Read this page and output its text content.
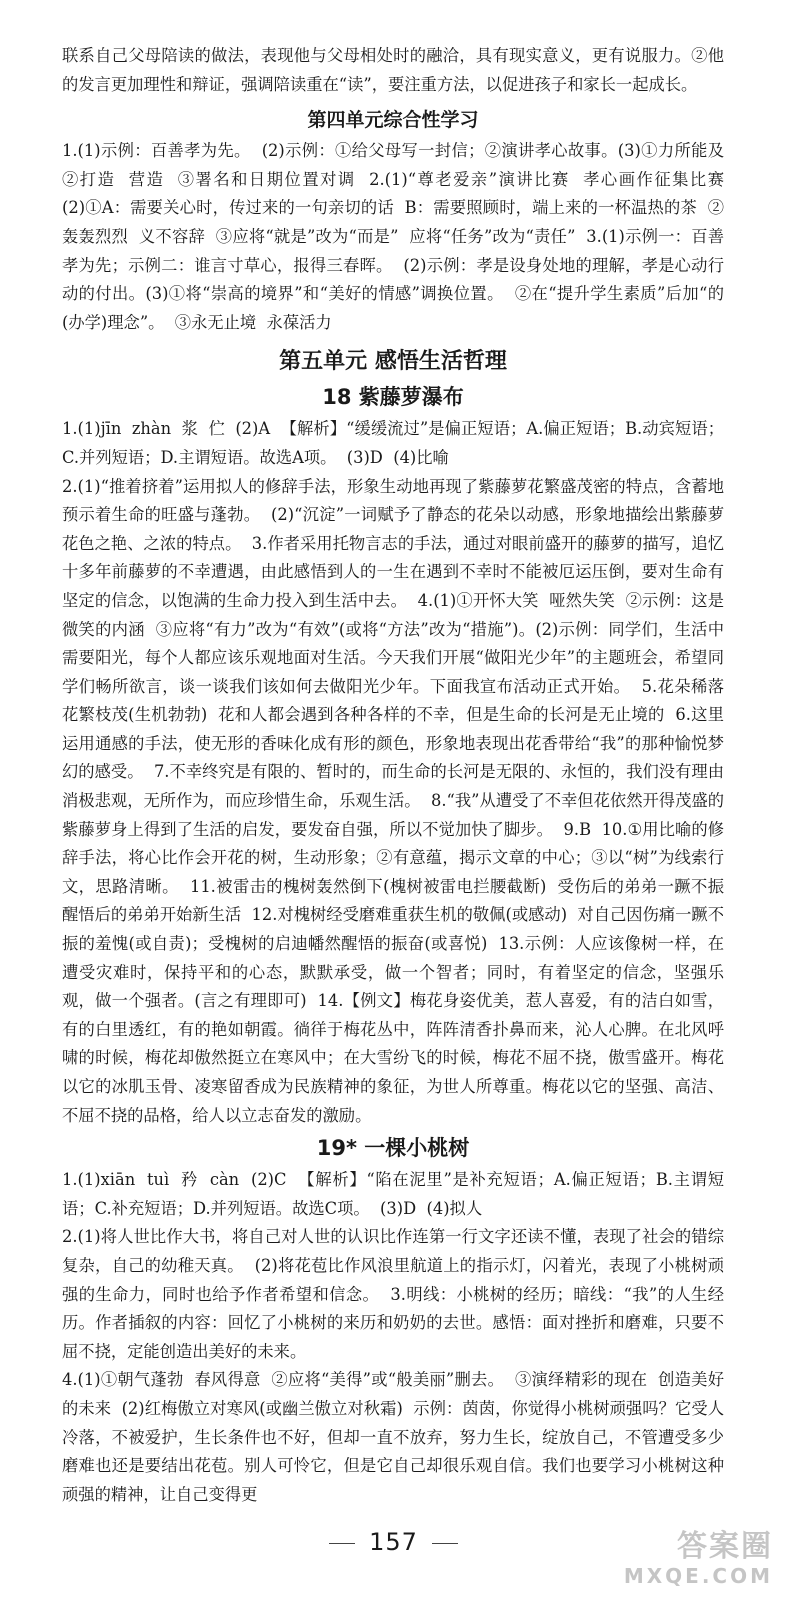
联系自己父母陪读的做法，表现他与父母相处时的融洽，具有现实意义，更有说服力。②他的发言更加理性和辩证，强调陪读重在“读”，要注重方法，以促进孩子和家长一起成长。

第四单元综合性学习

1.(1)示例：百善孝为先。  (2)示例：①给父母写一封信；②演讲孝心故事。(3)①力所能及  ②打造  营造  ③署名和日期位置对调  2.(1)“尊老爱亲”演讲比赛  孝心画作征集比赛  (2)①A：需要关心时，传过来的一句亲切的话  B：需要照顾时，端上来的一杯温热的茶  ②轰轰烈烈  义不容辞  ③应将“就是”改为“而是”  应将“任务”改为“责任”  3.(1)示例一：百善孝为先；示例二：谁言寸草心，报得三春晖。  (2)示例：孝是设身处地的理解，孝是心动行动的付出。(3)①将“崇高的境界”和“美好的情感”调换位置。  ②在“提升学生素质”后加“的(办学)理念”。  ③永无止境  永葆活力

第五单元 感悟生活哲理
18 紫藤萝瀑布

1.(1)jīn  zhàn  浆  伫  (2)A  【解析】“缓缓流过”是偏正短语；A.偏正短语；B.动宾短语；C.并列短语；D.主谓短语。故选A项。  (3)D  (4)比喻
2.(1)“推着挤着”运用拟人的修辞手法，形象生动地再现了紫藤萝花繁盛茂密的特点，含蓄地预示着生命的旺盛与蓬勃。  (2)“沉淀”一词赋予了静态的花朵以动感，形象地描绘出紫藤萝花色之艳、之浓的特点。  3.作者采用托物言志的手法，通过对眼前盛开的藤萝的描写，追忆十多年前藤萝的不幸遭遇，由此感悟到人的一生在遇到不幸时不能被厄运压倒，要对生命有坚定的信念，以饱满的生命力投入到生活中去。  4.(1)①开怀大笑  哑然失笑  ②示例：这是微笑的内涵  ③应将“有力”改为“有效”(或将“方法”改为“措施”)。(2)示例：同学们，生活中需要阳光，每个人都应该乐观地面对生活。今天我们开展“做阳光少年”的主题班会，希望同学们畅所欲言，谈一谈我们该如何去做阳光少年。下面我宣布活动正式开始。  5.花朵稀落  花繁枝茂(生机勃勃)  花和人都会遇到各种各样的不幸，但是生命的长河是无止境的  6.这里运用通感的手法，使无形的香味化成有形的颜色，形象地表现出花香带给“我”的那种愉悦梦幻的感受。  7.不幸终究是有限的、暂时的，而生命的长河是无限的、永恒的，我们没有理由消极悲观，无所作为，而应珍惜生命，乐观生活。  8.“我”从遭受了不幸但花依然开得茂盛的紫藤萝身上得到了生活的启发，要发奋自强，所以不觉加快了脚步。  9.B  10.①用比喻的修辞手法，将心比作会开花的树，生动形象；②有意蕴，揭示文章的中心；③以“树”为线索行文，思路清晰。  11.被雷击的槐树轰然倒下(槐树被雷电拦腰截断)  受伤后的弟弟一蹶不振  醒悟后的弟弟开始新生活  12.对槐树经受磨难重获生机的敬佩(或感动)  对自己因伤痛一蹶不振的羞愧(或自责)；受槐树的启迪幡然醒悟的振奋(或喜悦)  13.示例：人应该像树一样，在遭受灾难时，保持平和的心态，默默承受，做一个智者；同时，有着坚定的信念，坚强乐观，做一个强者。(言之有理即可)  14.【例文】梅花身姿优美，惹人喜爱，有的洁白如雪，有的白里透红，有的艳如朝霞。徜徉于梅花丛中，阵阵清香扑鼻而来，沁人心脾。在北风呼啸的时候，梅花却傲然挺立在寒风中；在大雪纷飞的时候，梅花不屈不挠，傲雪盛开。梅花以它的冰肌玉骨、凌寒留香成为民族精神的象征，为世人所尊重。梅花以它的坚强、高洁、不屈不挠的品格，给人以立志奋发的激励。

19* 一棵小桃树

1.(1)xiān  tuì  矜  càn  (2)C  【解析】“陷在泥里”是补充短语；A.偏正短语；B.主谓短语；C.补充短语；D.并列短语。故选C项。  (3)D  (4)拟人
2.(1)将人世比作大书，将自己对人世的认识比作连第一行文字还读不懂，表现了社会的错综复杂，自己的幼稚天真。  (2)将花苞比作风浪里航道上的指示灯，闪着光，表现了小桃树顽强的生命力，同时也给予作者希望和信念。  3.明线：小桃树的经历；暗线：“我”的人生经历。作者插叙的内容：回忆了小桃树的来历和奶奶的去世。感悟：面对挫折和磨难，只要不屈不挠，定能创造出美好的未来。
4.(1)①朝气蓬勃  春风得意  ②应将“美得”或“般美丽”删去。  ③演绎精彩的现在  创造美好的未来  (2)红梅傲立对寒风(或幽兰傲立对秋霜)  示例：茵茵，你觉得小桃树顽强吗？它受人冷落，不被爱护，生长条件也不好，但却一直不放弃，努力生长，绽放自己，不管遭受多少磨难也还是要结出花苞。别人可怜它，但是它自己却很乐观自信。我们也要学习小桃树这种顽强的精神，让自己变得更

157	答案圈
MXQE.COM
